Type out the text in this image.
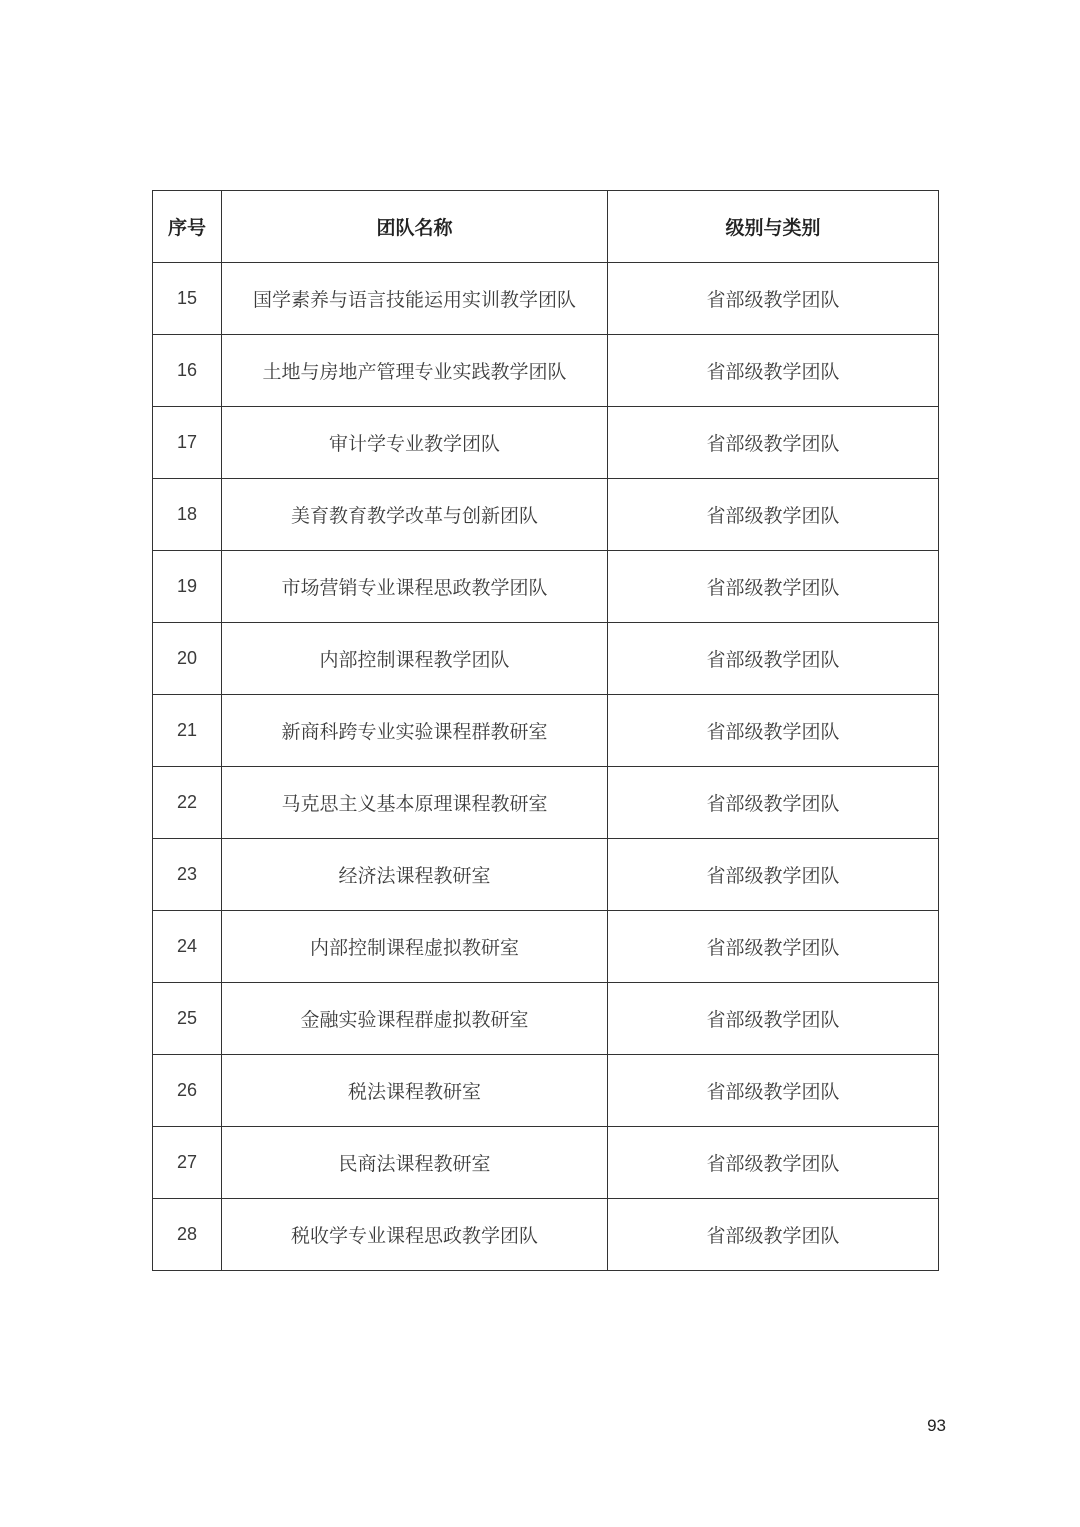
序号	团队名称	级别与类别
15	国学素养与语言技能运用实训教学团队	省部级教学团队
16	土地与房地产管理专业实践教学团队	省部级教学团队
17	审计学专业教学团队	省部级教学团队
18	美育教育教学改革与创新团队	省部级教学团队
19	市场营销专业课程思政教学团队	省部级教学团队
20	内部控制课程教学团队	省部级教学团队
21	新商科跨专业实验课程群教研室	省部级教学团队
22	马克思主义基本原理课程教研室	省部级教学团队
23	经济法课程教研室	省部级教学团队
24	内部控制课程虚拟教研室	省部级教学团队
25	金融实验课程群虚拟教研室	省部级教学团队
26	税法课程教研室	省部级教学团队
27	民商法课程教研室	省部级教学团队
28	税收学专业课程思政教学团队	省部级教学团队
93
